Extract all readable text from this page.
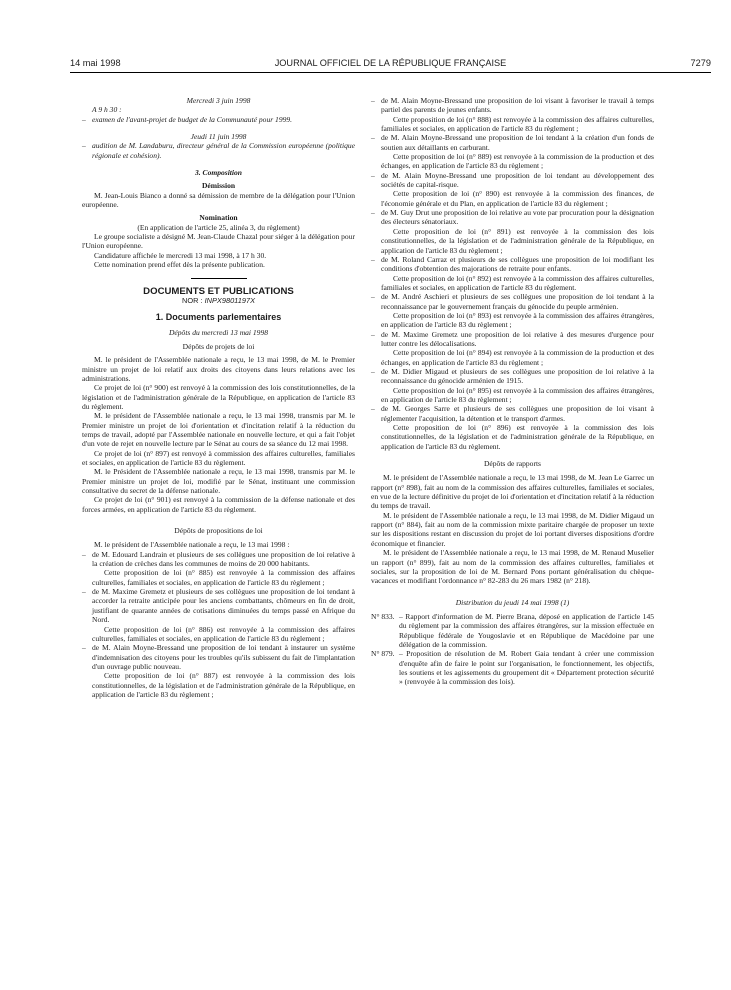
14 mai 1998	JOURNAL OFFICIEL DE LA RÉPUBLIQUE FRANÇAISE	7279

Mercredi 3 juin 1998

A 9 h 30 :

– examen de l'avant-projet de budget de la Communauté pour 1999.

Jeudi 11 juin 1998

– audition de M. Landaburu, directeur général de la Commission européenne (politique régionale et cohésion).

3. Composition

Démission

M. Jean-Louis Bianco a donné sa démission de membre de la délégation pour l'Union européenne.

Nomination

(En application de l'article 25, alinéa 3, du règlement)

Le groupe socialiste a désigné M. Jean-Claude Chazal pour siéger à la délégation pour l'Union européenne.

Candidature affichée le mercredi 13 mai 1998, à 17 h 30.

Cette nomination prend effet dès la présente publication.

DOCUMENTS ET PUBLICATIONS

NOR : INPX9801197X

1. Documents parlementaires

Dépôts du mercredi 13 mai 1998

Dépôts de projets de loi

M. le président de l'Assemblée nationale a reçu, le 13 mai 1998, de M. le Premier ministre un projet de loi relatif aux droits des citoyens dans leurs relations avec les administrations.

Ce projet de loi (n° 900) est renvoyé à la commission des lois constitutionnelles, de la législation et de l'administration générale de la République, en application de l'article 83 du règlement.

M. le président de l'Assemblée nationale a reçu, le 13 mai 1998, transmis par M. le Premier ministre un projet de loi d'orientation et d'incitation relatif à la réduction du temps de travail, adopté par l'Assemblée nationale en nouvelle lecture, et qui a fait l'objet d'un vote de rejet en nouvelle lecture par le Sénat au cours de sa séance du 12 mai 1998.

Ce projet de loi (n° 897) est renvoyé à commission des affaires culturelles, familiales et sociales, en application de l'article 83 du règlement.

M. le Président de l'Assemblée nationale a reçu, le 13 mai 1998, transmis par M. le Premier ministre un projet de loi, modifié par le Sénat, instituant une commission consultative du secret de la défense nationale.

Ce projet de loi (n° 901) est renvoyé à la commission de la défense nationale et des forces armées, en application de l'article 83 du règlement.

Dépôts de propositions de loi

M. le président de l'Assemblée nationale a reçu, le 13 mai 1998 :

– de M. Edouard Landrain et plusieurs de ses collègues une proposition de loi relative à la création de crèches dans les communes de moins de 20 000 habitants.

Cette proposition de loi (n° 885) est renvoyée à la commission des affaires culturelles, familiales et sociales, en application de l'article 83 du règlement ;

– de M. Maxime Gremetz et plusieurs de ses collègues une proposition de loi tendant à accorder la retraite anticipée pour les anciens combattants, chômeurs en fin de droit, justifiant de quarante années de cotisations diminuées du temps passé en Afrique du Nord.

Cette proposition de loi (n° 886) est renvoyée à la commission des affaires culturelles, familiales et sociales, en application de l'article 83 du règlement ;

– de M. Alain Moyne-Bressand une proposition de loi tendant à instaurer un système d'indemnisation des citoyens pour les troubles qu'ils subissent du fait de l'implantation d'un ouvrage public nouveau.

Cette proposition de loi (n° 887) est renvoyée à la commission des lois constitutionnelles, de la législation et de l'administration générale de la République, en application de l'article 83 du règlement ;

– de M. Alain Moyne-Bressand une proposition de loi visant à favoriser le travail à temps partiel des parents de jeunes enfants.

Cette proposition de loi (n° 888) est renvoyée à la commission des affaires culturelles, familiales et sociales, en application de l'article 83 du règlement ;

– de M. Alain Moyne-Bressand une proposition de loi tendant à la création d'un fonds de soutien aux détaillants en carburant.

Cette proposition de loi (n° 889) est renvoyée à la commission de la production et des échanges, en application de l'article 83 du règlement ;

– de M. Alain Moyne-Bressand une proposition de loi tendant au développement des sociétés de capital-risque.

Cette proposition de loi (n° 890) est renvoyée à la commission des finances, de l'économie générale et du Plan, en application de l'article 83 du règlement ;

– de M. Guy Drut une proposition de loi relative au vote par procuration pour la désignation des électeurs sénatoriaux.

Cette proposition de loi (n° 891) est renvoyée à la commission des lois constitutionnelles, de la législation et de l'administration générale de la République, en application de l'article 83 du règlement ;

– de M. Roland Carraz et plusieurs de ses collègues une proposition de loi modifiant les conditions d'obtention des majorations de retraite pour enfants.

Cette proposition de loi (n° 892) est renvoyée à la commission des affaires culturelles, familiales et sociales, en application de l'article 83 du règlement.

– de M. André Aschieri et plusieurs de ses collègues une proposition de loi tendant à la reconnaissance par le gouvernement français du génocide du peuple arménien.

Cette proposition de loi (n° 893) est renvoyée à la commission des affaires étrangères, en application de l'article 83 du règlement ;

– de M. Maxime Gremetz une proposition de loi relative à des mesures d'urgence pour lutter contre les délocalisations.

Cette proposition de loi (n° 894) est renvoyée à la commission de la production et des échanges, en application de l'article 83 du règlement ;

– de M. Didier Migaud et plusieurs de ses collègues une proposition de loi relative à la reconnaissance du génocide arménien de 1915.

Cette proposition de loi (n° 895) est renvoyée à la commission des affaires étrangères, en application de l'article 83 du règlement ;

– de M. Georges Sarre et plusieurs de ses collègues une proposition de loi visant à réglementer l'acquisition, la détention et le transport d'armes.

Cette proposition de loi (n° 896) est renvoyée à la commission des lois constitutionnelles, de la législation et de l'administration générale de la République, en application de l'article 83 du règlement.

Dépôts de rapports

M. le président de l'Assemblée nationale a reçu, le 13 mai 1998, de M. Jean Le Garrec un rapport (n° 898), fait au nom de la commission des affaires culturelles, familiales et sociales, en vue de la lecture définitive du projet de loi d'orientation et d'incitation relatif à la réduction du temps de travail.

M. le président de l'Assemblée nationale a reçu, le 13 mai 1998, de M. Didier Migaud un rapport (n° 884), fait au nom de la commission mixte paritaire chargée de proposer un texte sur les dispositions restant en discussion du projet de loi portant diverses dispositions d'ordre économique et financier.

M. le président de l'Assemblée nationale a reçu, le 13 mai 1998, de M. Renaud Muselier un rapport (n° 899), fait au nom de la commission des affaires culturelles, familiales et sociales, sur la proposition de loi de M. Bernard Pons portant généralisation du chèque-vacances et modifiant l'ordonnance n° 82-283 du 26 mars 1982 (n° 218).

Distribution du jeudi 14 mai 1998 (1)

N° 833. – Rapport d'information de M. Pierre Brana, déposé en application de l'article 145 du règlement par la commission des affaires étrangères, sur la mission effectuée en République fédérale de Yougoslavie et en République de Macédoine par une délégation de la commission.

N° 879. – Proposition de résolution de M. Robert Gaia tendant à créer une commission d'enquête afin de faire le point sur l'organisation, le fonctionnement, les objectifs, les soutiens et les agissements du groupement dit « Département protection sécurité » (renvoyée à la commission des lois).
